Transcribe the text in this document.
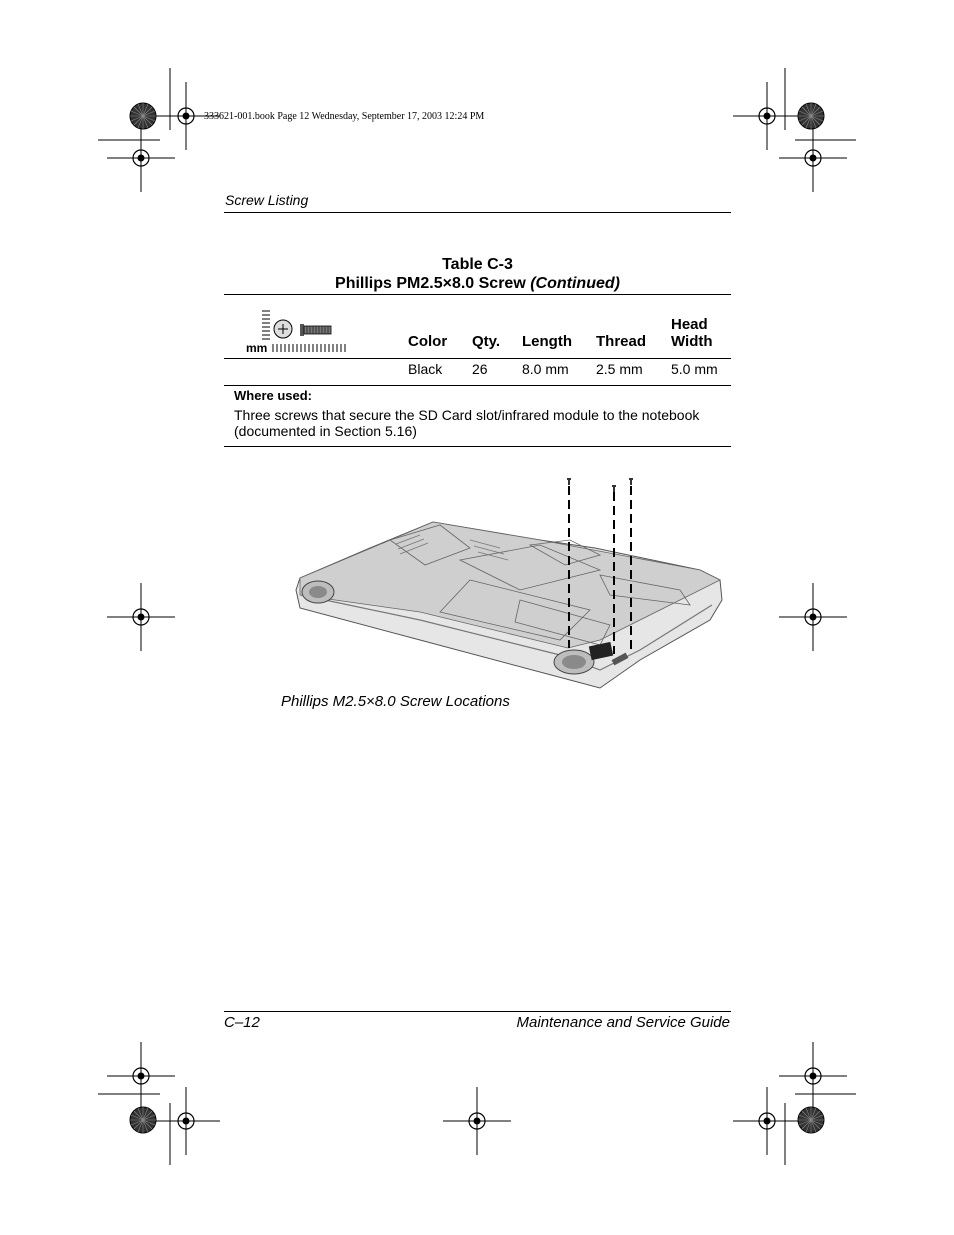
333621-001.book Page 12 Wednesday, September 17, 2003 12:24 PM
Screw Listing
Table C-3
Phillips PM2.5×8.0 Screw (Continued)
mm	Color Qty. Length Thread
Head
Width
Black 26 8.0 mm 2.5 mm 5.0 mm
Where used:
Three screws that secure the SD Card slot/infrared module to the notebook
(documented in Section 5.16)
Phillips M2.5×8.0 Screw Locations
C–12	Maintenance and Service Guide
